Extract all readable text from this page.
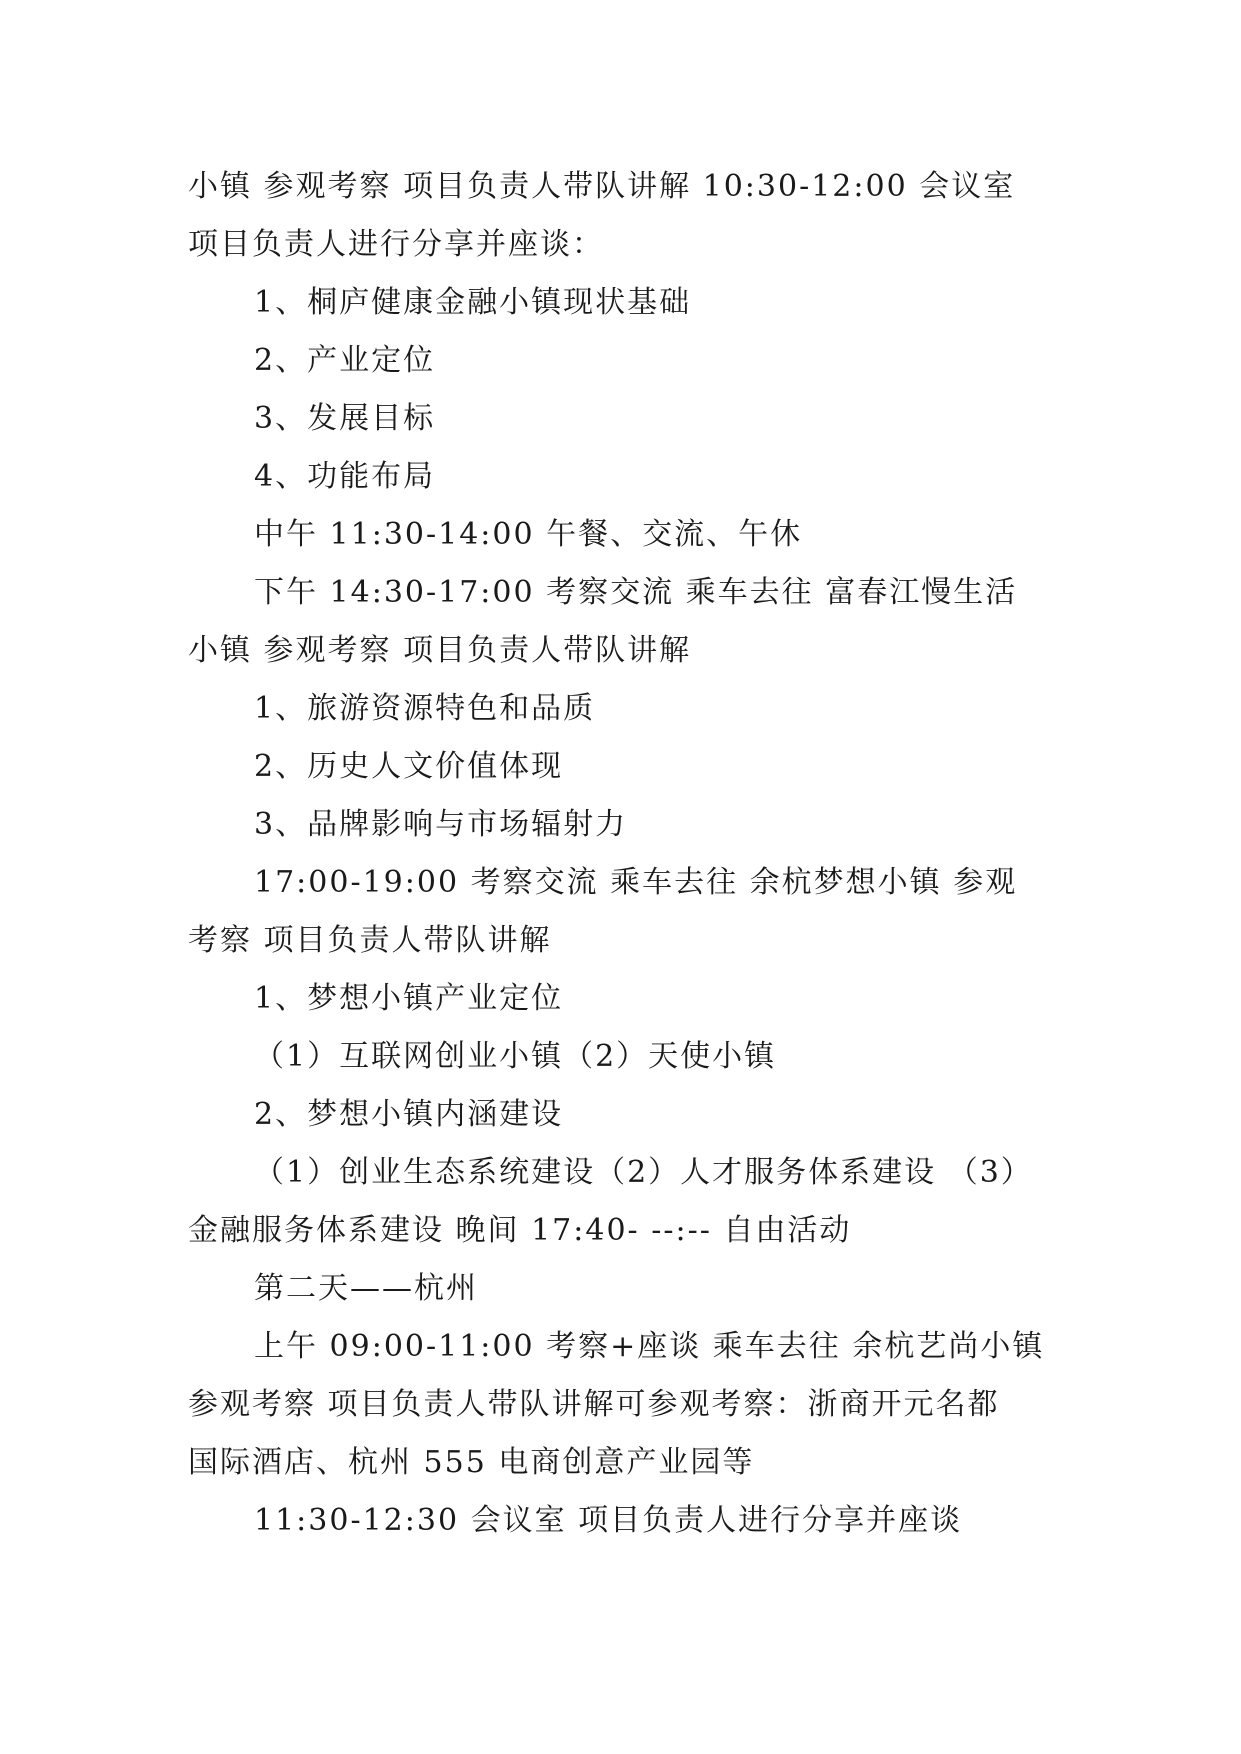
小镇 参观考察 项目负责人带队讲解 10:30-12:00 会议室
项目负责人进行分享并座谈：
1、桐庐健康金融小镇现状基础
2、产业定位
3、发展目标
4、功能布局
中午 11:30-14:00 午餐、交流、午休
下午 14:30-17:00 考察交流 乘车去往 富春江慢生活
小镇 参观考察 项目负责人带队讲解
1、旅游资源特色和品质
2、历史人文价值体现
3、品牌影响与市场辐射力
17:00-19:00 考察交流 乘车去往 余杭梦想小镇 参观
考察 项目负责人带队讲解
1、梦想小镇产业定位
（1）互联网创业小镇（2）天使小镇
2、梦想小镇内涵建设
（1）创业生态系统建设（2）人才服务体系建设 （3）
金融服务体系建设 晚间 17:40- --:-- 自由活动
第二天——杭州
上午 09:00-11:00 考察+座谈 乘车去往 余杭艺尚小镇
参观考察 项目负责人带队讲解可参观考察：浙商开元名都
国际酒店、杭州 555 电商创意产业园等
11:30-12:30 会议室 项目负责人进行分享并座谈
